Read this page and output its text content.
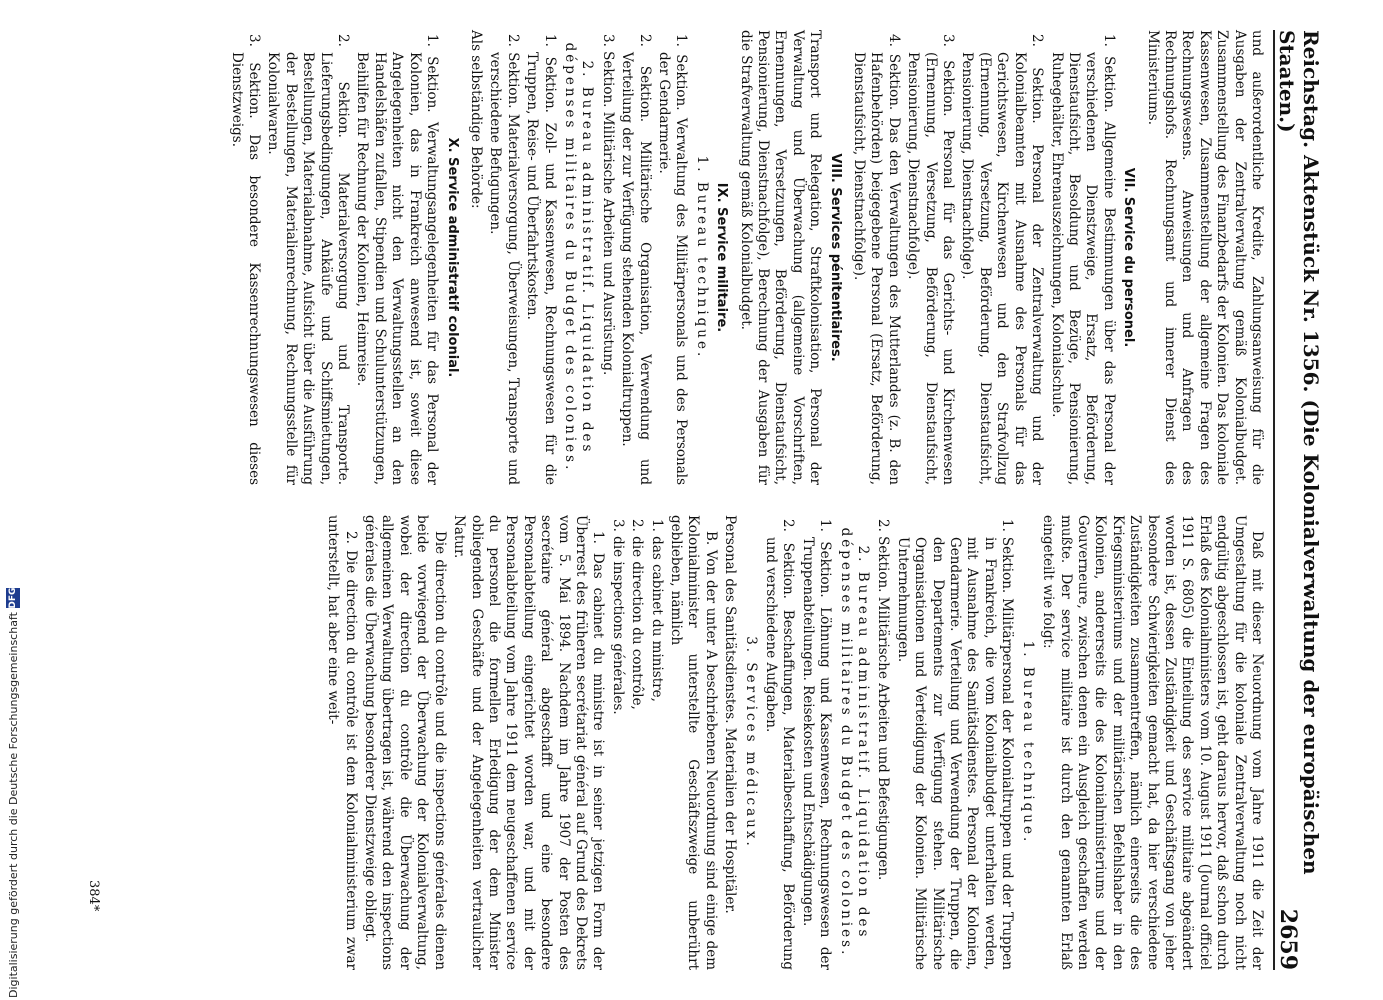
Reichstag. Aktenstück Nr. 1356. (Die Kolonialverwaltung der europäischen Staaten.)
2659

und außerordentliche Kredite, Zahlungsanweisung für die Ausgaben der Zentralverwaltung gemäß Kolonialbudget. Zusammenstellung des Finanzbedarfs der Kolonien. Das koloniale Kassenwesen, Zusammenstellung der allgemeine Fragen des Rechnungswesens. Anweisungen und Anfragen des Rechnungshofs. Rechnungsamt und innerer Dienst des Ministeriums.

VII. Service du personel.

1. Sektion. Allgemeine Bestimmungen über das Personal der verschiedenen Dienstzweige, Ersatz, Beförderung, Dienstaufsicht, Besoldung und Bezüge, Pensionierung, Ruhegehälter, Ehrenauszeichnungen, Kolonialschule.

2. Sektion. Personal der Zentralverwaltung und der Kolonialbeamten mit Ausnahme des Personals für das Gerichtswesen, Kirchenwesen und den Strafvollzug (Ernennung, Versetzung, Beförderung, Dienstaufsicht, Pensionierung, Dienstnachfolge).

3. Sektion. Personal für das Gerichts- und Kirchenwesen (Ernennung, Versetzung, Beförderung, Dienstaufsicht, Pensionierung, Dienstnachfolge).

4. Sektion. Das den Verwaltungen des Mutterlandes (z. B. den Hafenbehörden) beigegebene Personal (Ersatz, Beförderung, Dienstaufsicht, Dienstnachfolge).

VIII. Services pénitentiaires.

Transport und Relegation, Straftkolonisation, Personal der Verwaltung und Überwachung (allgemeine Vorschriften, Ernennungen, Versetzungen, Beförderung, Dienstaufsicht, Pensionierung, Dienstnachfolge), Berechnung der Ausgaben für die Strafverwaltung gemäß Kolonialbudget.

IX. Service militaire.

1. Bureau technique.

1. Sektion. Verwaltung des Militärpersonals und des Personals der Gendarmerie.

2. Sektion. Militärische Organisation, Verwendung und Verteilung der zur Verfügung stehenden Kolonialtruppen.

3. Sektion. Militärische Arbeiten und Ausrüstung.

2. Bureau administratif. Liquidation des dépenses militaires du Budget des colonies.

1. Sektion. Zoll- und Kassenwesen, Rechnungswesen für die Truppen, Reise- und Überfahrtskosten.

2. Sektion. Materialversorgung, Überweisungen, Transporte und verschiedene Befugungen.

Als selbständige Behörde:

X. Service administratif colonial.

1. Sektion. Verwaltungsangelegenheiten für das Personal der Kolonien, das in Frankreich anwesend ist, soweit diese Angelegenheiten nicht den Verwaltungsstellen an den Handelshäfen zufallen, Stipendien und Schulunterstützungen, Beihilfen für Rechnung der Kolonien, Heimreise.

2. Sektion. Materialversorgung und Transporte. Lieferungsbedingungen, Ankäufe und Schiffsmietungen, Bestellungen, Materialabnahme, Aufsicht über die Ausführung der Bestellungen, Materialienrechnung, Rechnungsstelle für Kolonialwaren.

3. Sektion. Das besondere Kassenrechnungswesen dieses Dienstzweigs.

Daß mit dieser Neuordnung vom Jahre 1911 die Zeit der Umgestaltung für die koloniale Zentralverwaltung noch nicht endgültig abgeschlossen ist, geht daraus hervor, daß schon durch Erlaß des Kolonialministers vom 10. August 1911 (Journal officiel 1911 S. 6805) die Einteilung des service militaire abgeändert worden ist, dessen Zuständigkeit und Geschäftsgang von jeher besondere Schwierigkeiten gemacht hat, da hier verschiedene Zuständigkeiten zusammentreffen, nämlich einerseits die des Kriegsministeriums und der militärischen Befehlshaber in den Kolonien, andererseits die des Kolonialministeriums und der Gouverneure, zwischen denen ein Ausgleich geschaffen werden mußte. Der service militaire ist durch den genannten Erlaß eingeteilt wie folgt:

1. Bureau technique.

1. Sektion. Militärpersonal der Kolonialtruppen und der Truppen in Frankreich, die vom Kolonialbudget unterhalten werden, mit Ausnahme des Sanitätsdienstes. Personal der Kolonien, Gendarmerie. Verteilung und Verwendung der Truppen, die den Departements zur Verfügung stehen. Militärische Organisationen und Verteidigung der Kolonien. Militärische Unternehmungen.

2. Sektion. Militärische Arbeiten und Befestigungen.

2. Bureau administratif. Liquidation des dépenses militaires du Budget des colonies.

1. Sektion. Löhnung und Kassenwesen, Rechnungswesen der Truppenabteilungen. Reisekosten und Entschädigungen.

2. Sektion. Beschaffungen, Materialbeschaffung, Beförderung und verschiedene Aufgaben.

3. Services médicaux.

Personal des Sanitätsdienstes. Materialien der Hospitäler.

B. Von der unter A beschriebenen Neuordnung sind einige dem Kolonialminister unterstellte Geschäftszweige unberührt geblieben, nämlich

1. das cabinet du ministre,

2. die direction du contrôle,

3. die inspections générales.

1. Das cabinet du ministre ist in seiner jetzigen Form der Überrest des früheren secrétariat général auf Grund des Dekrets vom 5. Mai 1894. Nachdem im Jahre 1907 der Posten des secrétaire général abgeschafft und eine besondere Personalabteilung eingerichtet worden war, und mit der Personalabteilung vom Jahre 1911 dem neugeschaffenen service du personel die formellen Erledigung der dem Minister obliegenden Geschäfte und der Angelegenheiten vertraulicher Natur.

Die direction du contrôle und die inspections générales dienen beide vorwiegend der Überwachung der Kolonialverwaltung, wobei der direction du contrôle die Überwachung der allgemeinen Verwaltung übertragen ist, während den inspections générales die Überwachung besonderer Dienstzweige obliegt.

2. Die direction du contrôle ist dem Kolonialministerium zwar unterstellt, hat aber eine weit-

384*
Digitalisierung gefördert durch die Deutsche Forschungsgemeinschaft
DFG
